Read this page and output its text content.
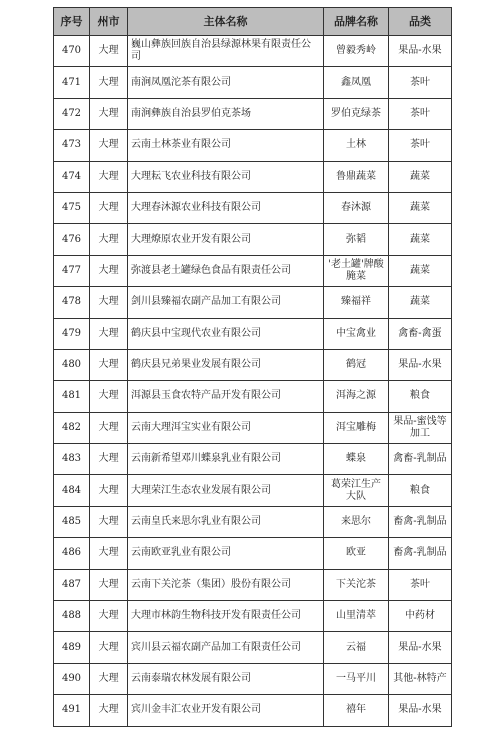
序号	州市	主体名称	品牌名称	品类
470	大理	巍山彝族回族自治县绿源林果有限责任公司	曾毅秀岭	果品-水果
471	大理	南涧凤凰沱茶有限公司	鑫凤凰	茶叶
472	大理	南涧彝族自治县罗伯克茶场	罗伯克绿茶	茶叶
473	大理	云南土林茶业有限公司	土林	茶叶
474	大理	大理耘飞农业科技有限公司	鲁鼎蔬菜	蔬菜
475	大理	大理春沐源农业科技有限公司	春沐源	蔬菜
476	大理	大理燎原农业开发有限公司	弥韬	蔬菜
477	大理	弥渡县老土罐绿色食品有限责任公司	'老土罐'牌酸腌菜	蔬菜
478	大理	剑川县臻福农副产品加工有限公司	臻福祥	蔬菜
479	大理	鹤庆县中宝现代农业有限公司	中宝禽业	禽畜-禽蛋
480	大理	鹤庆县兄弟果业发展有限公司	鹤冠	果品-水果
481	大理	洱源县玉食农特产品开发有限公司	洱海之源	粮食
482	大理	云南大理洱宝实业有限公司	洱宝雕梅	果品-蜜饯等加工
483	大理	云南新希望邓川蝶泉乳业有限公司	蝶泉	禽畜-乳制品
484	大理	大理荣江生态农业发展有限公司	葛荣江生产大队	粮食
485	大理	云南皇氏来思尔乳业有限公司	来思尔	畜禽-乳制品
486	大理	云南欧亚乳业有限公司	欧亚	畜禽-乳制品
487	大理	云南下关沱茶（集团）股份有限公司	下关沱茶	茶叶
488	大理	大理市林韵生物科技开发有限责任公司	山里清萃	中药材
489	大理	宾川县云福农副产品加工有限责任公司	云福	果品-水果
490	大理	云南泰瑞农林发展有限公司	一马平川	其他-林特产
491	大理	宾川金丰汇农业开发有限公司	禧年	果品-水果
